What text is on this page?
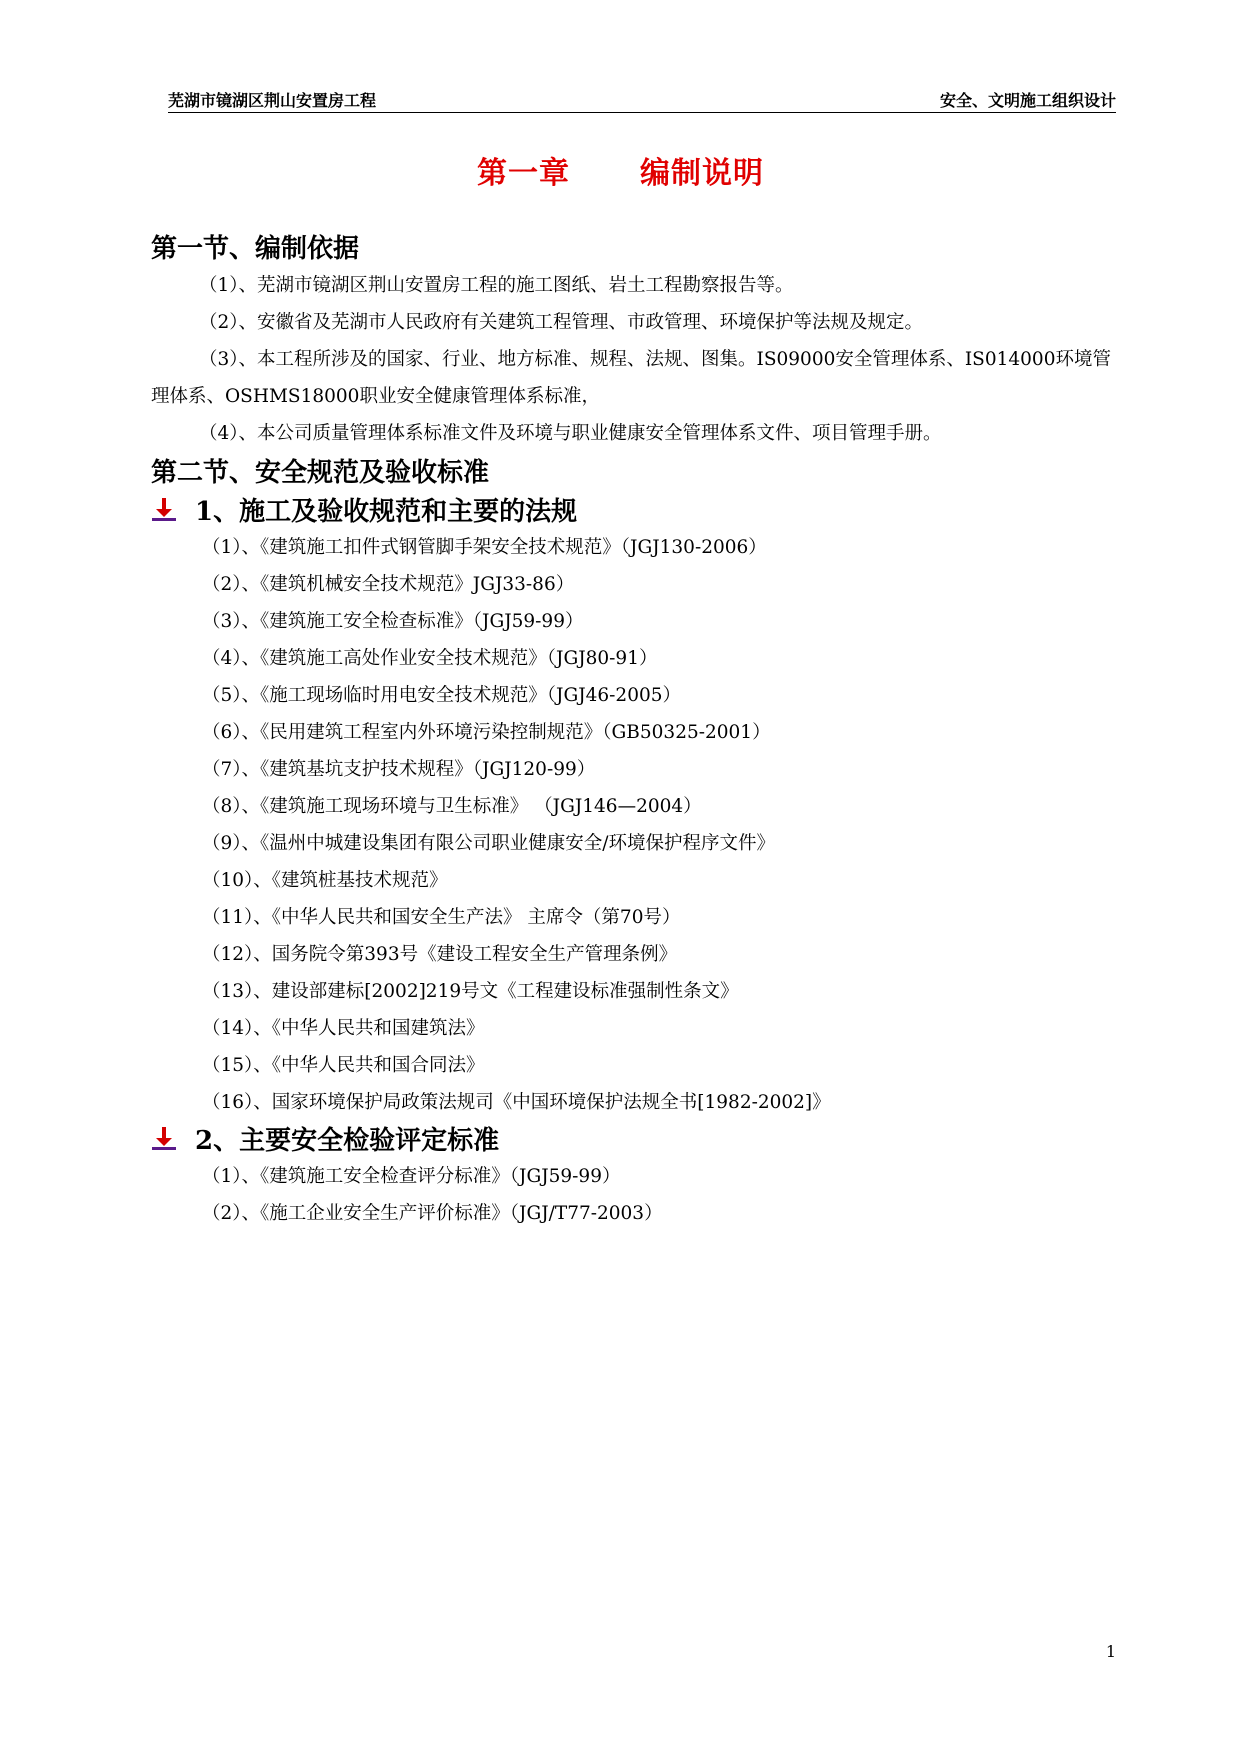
芜湖市镜湖区荆山安置房工程	安全、文明施工组织设计
第一章 编制说明
第一节、编制依据
（1）、芜湖市镜湖区荆山安置房工程的施工图纸、岩土工程勘察报告等。
（2）、安徽省及芜湖市人民政府有关建筑工程管理、市政管理、环境保护等法规及规定。
（3）、本工程所涉及的国家、行业、地方标准、规程、法规、图集。IS09000安全管理体系、IS014000环境管理体系、OSHMS18000职业安全健康管理体系标准，
（4）、本公司质量管理体系标准文件及环境与职业健康安全管理体系文件、项目管理手册。
第二节、安全规范及验收标准
1、施工及验收规范和主要的法规
（1）、《建筑施工扣件式钢管脚手架安全技术规范》（JGJ130-2006）
（2）、《建筑机械安全技术规范》JGJ33-86）
（3）、《建筑施工安全检查标准》（JGJ59-99）
（4）、《建筑施工高处作业安全技术规范》（JGJ80-91）
（5）、《施工现场临时用电安全技术规范》（JGJ46-2005）
（6）、《民用建筑工程室内外环境污染控制规范》（GB50325-2001）
（7）、《建筑基坑支护技术规程》（JGJ120-99）
（8）、《建筑施工现场环境与卫生标准》 （JGJ146—2004）
（9）、《温州中城建设集团有限公司职业健康安全/环境保护程序文件》
（10）、《建筑桩基技术规范》
（11）、《中华人民共和国安全生产法》 主席令（第70号）
（12）、国务院令第393号《建设工程安全生产管理条例》
（13）、建设部建标[2002]219号文《工程建设标准强制性条文》
（14）、《中华人民共和国建筑法》
（15）、《中华人民共和国合同法》
（16）、国家环境保护局政策法规司《中国环境保护法规全书[1982-2002]》
2、主要安全检验评定标准
（1）、《建筑施工安全检查评分标准》（JGJ59-99）
（2）、《施工企业安全生产评价标准》（JGJ/T77-2003）
1
